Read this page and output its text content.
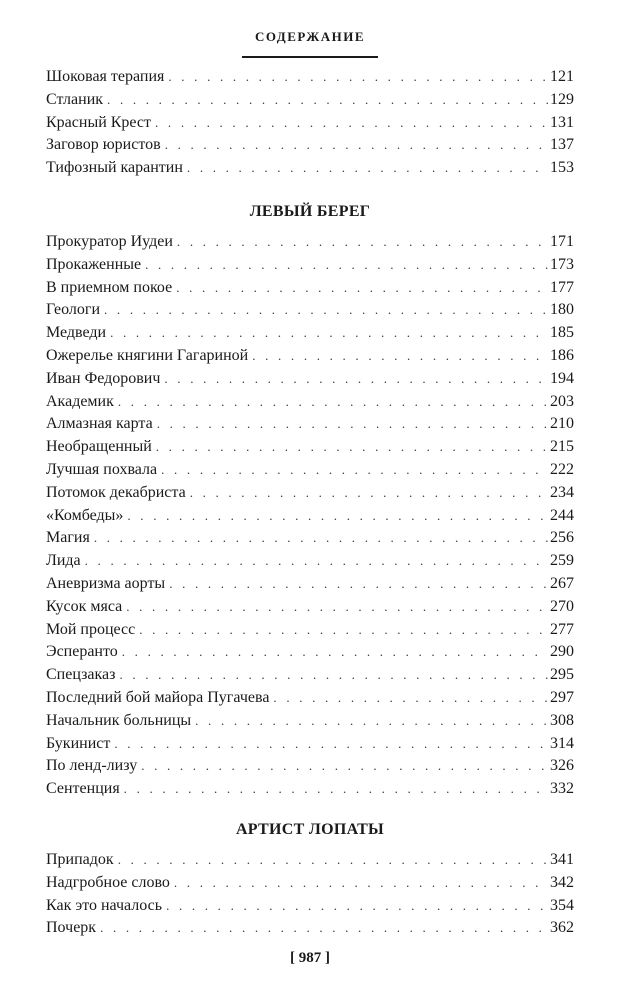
СОДЕРЖАНИЕ
Шоковая терапия . . .	121
Стланик . . .	129
Красный Крест . . .	131
Заговор юристов . . .	137
Тифозный карантин . . .	153
ЛЕВЫЙ БЕРЕГ
Прокуратор Иудеи . . .	171
Прокаженные . . .	173
В приемном покое . . .	177
Геологи . . .	180
Медведи . . .	185
Ожерелье княгини Гагариной . . .	186
Иван Федорович . . .	194
Академик . . .	203
Алмазная карта . . .	210
Необращенный . . .	215
Лучшая похвала . . .	222
Потомок декабриста . . .	234
«Комбеды» . . .	244
Магия . . .	256
Лида . . .	259
Аневризма аорты . . .	267
Кусок мяса . . .	270
Мой процесс . . .	277
Эсперанто . . .	290
Спецзаказ . . .	295
Последний бой майора Пугачева . . .	297
Начальник больницы . . .	308
Букинист . . .	314
По ленд-лизу . . .	326
Сентенция . . .	332
АРТИСТ ЛОПАТЫ
Припадок . . .	341
Надгробное слово . . .	342
Как это началось . . .	354
Почерк . . .	362
[ 987 ]
